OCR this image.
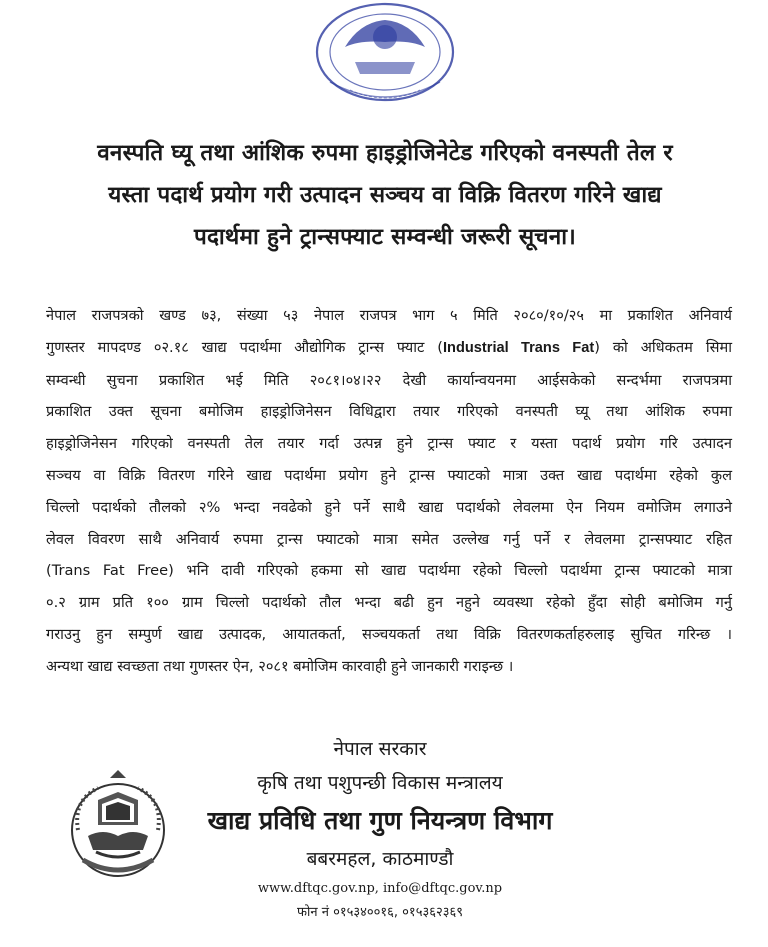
वनस्पति घ्यू तथा आंशिक रुपमा हाइड्रोजिनेटेड गरिएको वनस्पती तेल र
यस्ता पदार्थ प्रयोग गरी उत्पादन सञ्चय वा विक्रि वितरण गरिने खाद्य
पदार्थमा हुने ट्रान्सफ्याट सम्वन्धी जरूरी सूचना।
नेपाल राजपत्रको खण्ड ७३, संख्या ५३ नेपाल राजपत्र भाग ५ मिति २०८०/१०/२५ मा प्रकाशित अनिवार्य
गुणस्तर मापदण्ड ०२.१८ खाद्य पदार्थमा औद्योगिक ट्रान्स फ्याट (Industrial Trans Fat) को अधिकतम सिमा
सम्वन्धी सुचना प्रकाशित भई मिति २०८१।०४।२२ देखी कार्यान्वयनमा आईसकेको सन्दर्भमा राजपत्रमा
प्रकाशित उक्त सूचना बमोजिम हाइड्रोजिनेसन विधिद्वारा तयार गरिएको वनस्पती घ्यू तथा आंशिक रुपमा
हाइड्रोजिनेसन गरिएको वनस्पती तेल तयार गर्दा उत्पन्न हुने ट्रान्स फ्याट र यस्ता पदार्थ प्रयोग गरि उत्पादन
सञ्चय वा विक्रि वितरण गरिने खाद्य पदार्थमा प्रयोग हुने ट्रान्स फ्याटको मात्रा उक्त खाद्य पदार्थमा रहेको कुल
चिल्लो पदार्थको तौलको २% भन्दा नवढेको हुने पर्ने साथै खाद्य पदार्थको लेवलमा ऐन नियम वमोजिम लगाउने
लेवल विवरण साथै अनिवार्य रुपमा ट्रान्स फ्याटको मात्रा समेत उल्लेख गर्नु पर्ने र लेवलमा ट्रान्सफ्याट रहित
(Trans Fat Free) भनि दावी गरिएको हकमा सो खाद्य पदार्थमा रहेको चिल्लो पदार्थमा ट्रान्स फ्याटको मात्रा
०.२ ग्राम प्रति १०० ग्राम चिल्लो पदार्थको तौल भन्दा बढी हुन नहुने व्यवस्था रहेको हुँदा सोही बमोजिम गर्नु
गराउनु हुन सम्पुर्ण खाद्य उत्पादक, आयातकर्ता, सञ्चयकर्ता तथा विक्रि वितरणकर्ताहरुलाइ सुचित गरिन्छ ।
अन्यथा खाद्य स्वच्छता तथा गुणस्तर ऐन, २०८१ बमोजिम कारवाही हुने जानकारी गराइन्छ ।
नेपाल सरकार
कृषि तथा पशुपन्छी विकास मन्त्रालय
खाद्य प्रविधि तथा गुण नियन्त्रण विभाग
बबरमहल, काठमाण्डौ
www.dftqc.gov.np, info@dftqc.gov.np
फोन नं ०१५३४००१६, ०१५३६२३६९
